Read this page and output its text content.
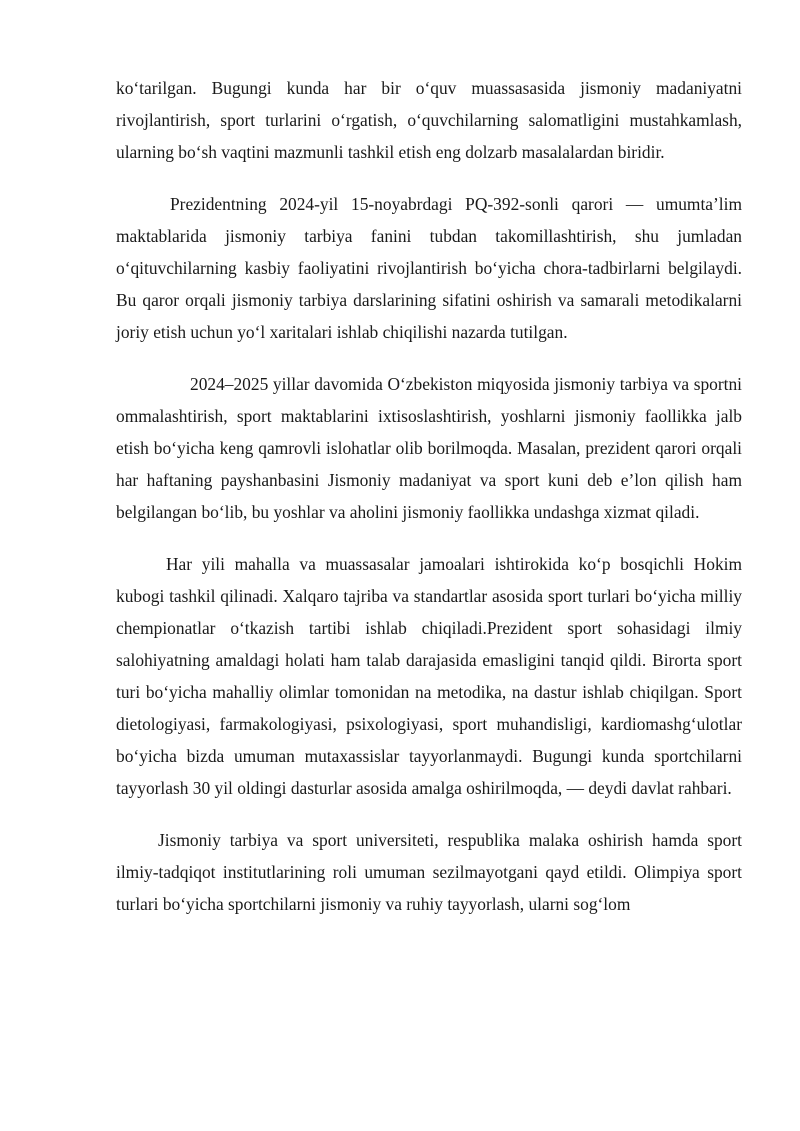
ko‘tarilgan. Bugungi kunda har bir o‘quv muassasasida jismoniy madaniyatni rivojlantirish, sport turlarini o‘rgatish, o‘quvchilarning salomatligini mustahkamlash, ularning bo‘sh vaqtini mazmunli tashkil etish eng dolzarb masalalardan biridir.

Prezidentning 2024-yil 15-noyabrdagi PQ-392-sonli qarori — umumta’lim maktablarida jismoniy tarbiya fanini tubdan takomillashtirish, shu jumladan o‘qituvchilarning kasbiy faoliyatini rivojlantirish bo‘yicha chora-tadbirlarni belgilaydi. Bu qaror orqali jismoniy tarbiya darslarining sifatini oshirish va samarali metodikalarni joriy etish uchun yo‘l xaritalari ishlab chiqilishi nazarda tutilgan.

2024–2025 yillar davomida O‘zbekiston miqyosida jismoniy tarbiya va sportni ommalashtirish, sport maktablarini ixtisoslashtirish, yoshlarni jismoniy faollikka jalb etish bo‘yicha keng qamrovli islohatlar olib borilmoqda. Masalan, prezident qarori orqali har haftaning payshanbasini Jismoniy madaniyat va sport kuni deb e’lon qilish ham belgilangan bo‘lib, bu yoshlar va aholini jismoniy faollikka undashga xizmat qiladi.

Har yili mahalla va muassasalar jamoalari ishtirokida ko‘p bosqichli Hokim kubogi tashkil qilinadi. Xalqaro tajriba va standartlar asosida sport turlari bo‘yicha milliy chempionatlar o‘tkazish tartibi ishlab chiqiladi.Prezident sport sohasidagi ilmiy salohiyatning amaldagi holati ham talab darajasida emasligini tanqid qildi. Birorta sport turi bo‘yicha mahalliy olimlar tomonidan na metodika, na dastur ishlab chiqilgan. Sport dietologiyasi, farmakologiyasi, psixologiyasi, sport muhandisligi, kardiomashg‘ulotlar bo‘yicha bizda umuman mutaxassislar tayyorlanmaydi. Bugungi kunda sportchilarni tayyorlash 30 yil oldingi dasturlar asosida amalga oshirilmoqda, — deydi davlat rahbari.

Jismoniy tarbiya va sport universiteti, respublika malaka oshirish hamda sport ilmiy-tadqiqot institutlarining roli umuman sezilmayotgani qayd etildi. Olimpiya sport turlari bo‘yicha sportchilarni jismoniy va ruhiy tayyorlash, ularni sog‘lom
